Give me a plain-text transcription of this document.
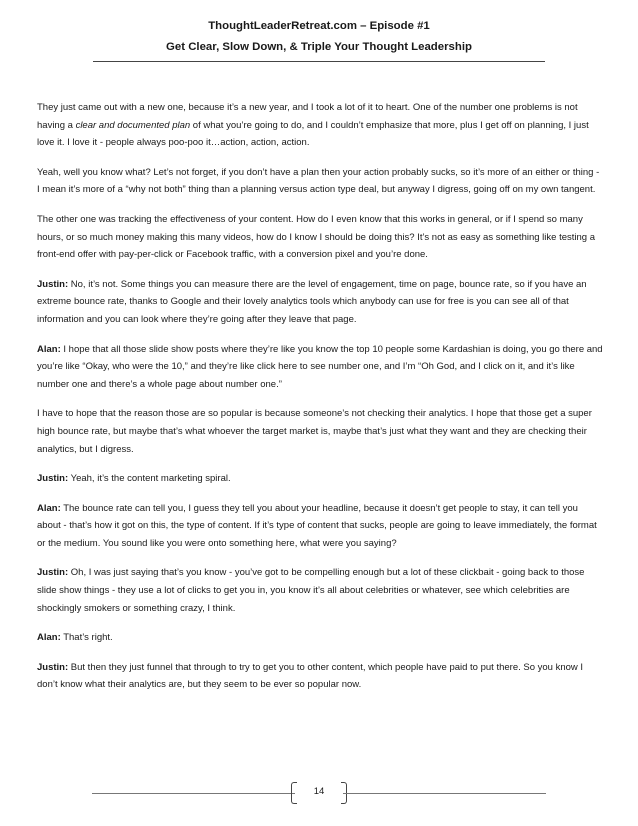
ThoughtLeaderRetreat.com – Episode #1
Get Clear, Slow Down, & Triple Your Thought Leadership

They just came out with a new one, because it’s a new year, and I took a lot of it to heart. One of the number one problems is not having a clear and documented plan of what you’re going to do, and I couldn’t emphasize that more, plus I get off on planning, I just love it. I love it - people always poo-poo it…action, action, action.

Yeah, well you know what? Let’s not forget, if you don’t have a plan then your action probably sucks, so it’s more of an either or thing - I mean it’s more of a “why not both” thing than a planning versus action type deal, but anyway I digress, going off on my own tangent.

The other one was tracking the effectiveness of your content. How do I even know that this works in general, or if I spend so many hours, or so much money making this many videos, how do I know I should be doing this? It’s not as easy as something like testing a front-end offer with pay-per-click or Facebook traffic, with a conversion pixel and you’re done.

Justin: No, it’s not. Some things you can measure there are the level of engagement, time on page, bounce rate, so if you have an extreme bounce rate, thanks to Google and their lovely analytics tools which anybody can use for free is you can see all of that information and you can look where they’re going after they leave that page.

Alan: I hope that all those slide show posts where they’re like you know the top 10 people some Kardashian is doing, you go there and you’re like “Okay, who were the 10,” and they’re like click here to see number one, and I’m “Oh God, and I click on it, and it’s like number one and there’s a whole page about number one.”

I have to hope that the reason those are so popular is because someone’s not checking their analytics. I hope that those get a super high bounce rate, but maybe that’s what whoever the target market is, maybe that’s just what they want and they are checking their analytics, but I digress.

Justin: Yeah, it’s the content marketing spiral.

Alan: The bounce rate can tell you, I guess they tell you about your headline, because it doesn’t get people to stay, it can tell you about - that’s how it got on this, the type of content. If it’s type of content that sucks, people are going to leave immediately, the format or the medium. You sound like you were onto something here, what were you saying?

Justin: Oh, I was just saying that’s you know - you’ve got to be compelling enough but a lot of these clickbait - going back to those slide show things - they use a lot of clicks to get you in, you know it’s all about celebrities or whatever, see which celebrities are shockingly smokers or something crazy, I think.

Alan: That’s right.

Justin: But then they just funnel that through to try to get you to other content, which people have paid to put there. So you know I don’t know what their analytics are, but they seem to be ever so popular now.

14
